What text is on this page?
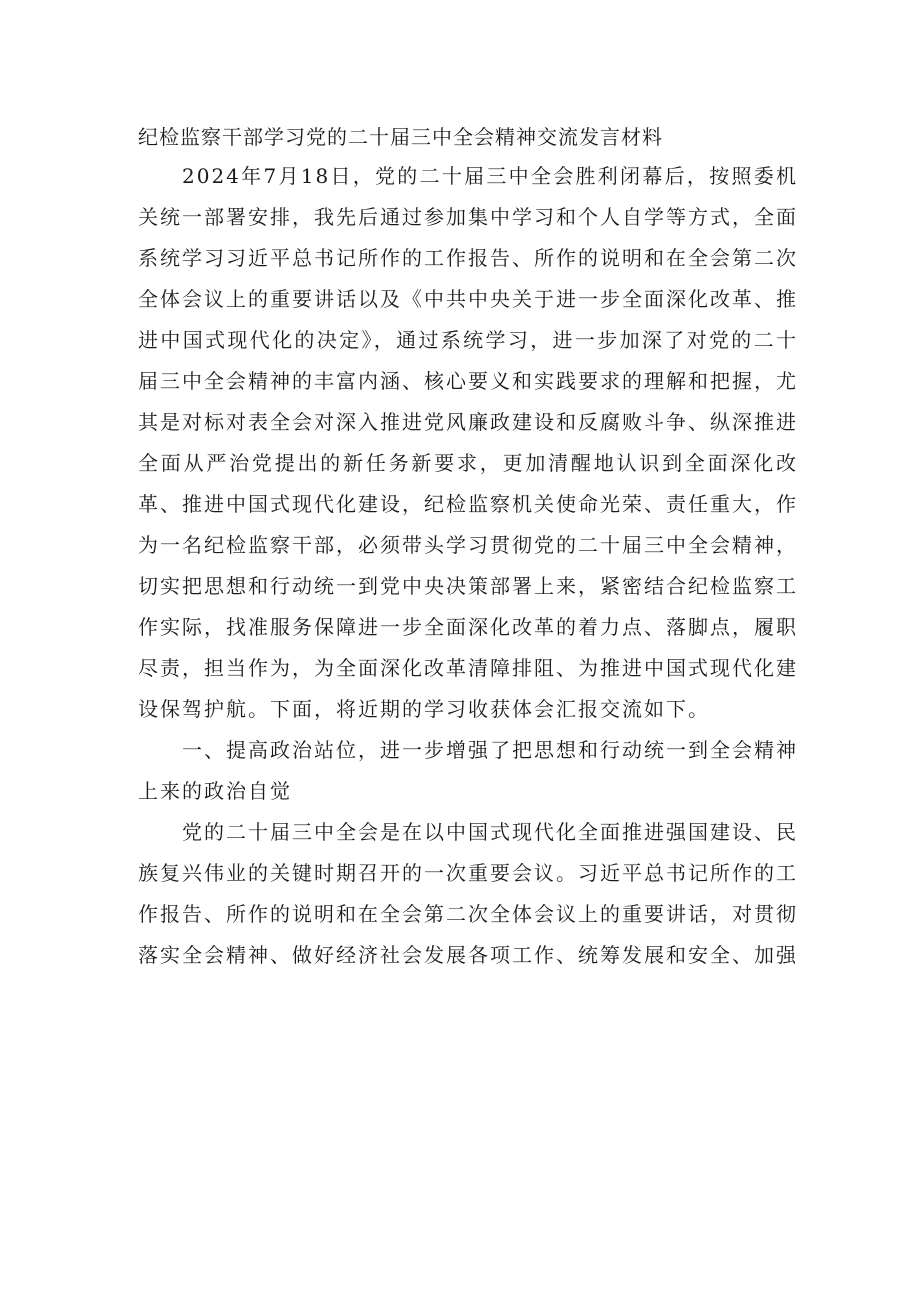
纪检监察干部学习党的二十届三中全会精神交流发言材料

2024年7月18日，党的二十届三中全会胜利闭幕后，按照委机关统一部署安排，我先后通过参加集中学习和个人自学等方式，全面系统学习习近平总书记所作的工作报告、所作的说明和在全会第二次全体会议上的重要讲话以及《中共中央关于进一步全面深化改革、推进中国式现代化的决定》，通过系统学习，进一步加深了对党的二十届三中全会精神的丰富内涵、核心要义和实践要求的理解和把握，尤其是对标对表全会对深入推进党风廉政建设和反腐败斗争、纵深推进全面从严治党提出的新任务新要求，更加清醒地认识到全面深化改革、推进中国式现代化建设，纪检监察机关使命光荣、责任重大，作为一名纪检监察干部，必须带头学习贯彻党的二十届三中全会精神，切实把思想和行动统一到党中央决策部署上来，紧密结合纪检监察工作实际，找准服务保障进一步全面深化改革的着力点、落脚点，履职尽责，担当作为，为全面深化改革清障排阻、为推进中国式现代化建设保驾护航。下面，将近期的学习收获体会汇报交流如下。

一、提高政治站位，进一步增强了把思想和行动统一到全会精神上来的政治自觉

党的二十届三中全会是在以中国式现代化全面推进强国建设、民族复兴伟业的关键时期召开的一次重要会议。习近平总书记所作的工作报告、所作的说明和在全会第二次全体会议上的重要讲话，对贯彻落实全会精神、做好经济社会发展各项工作、统筹发展和安全、加强
